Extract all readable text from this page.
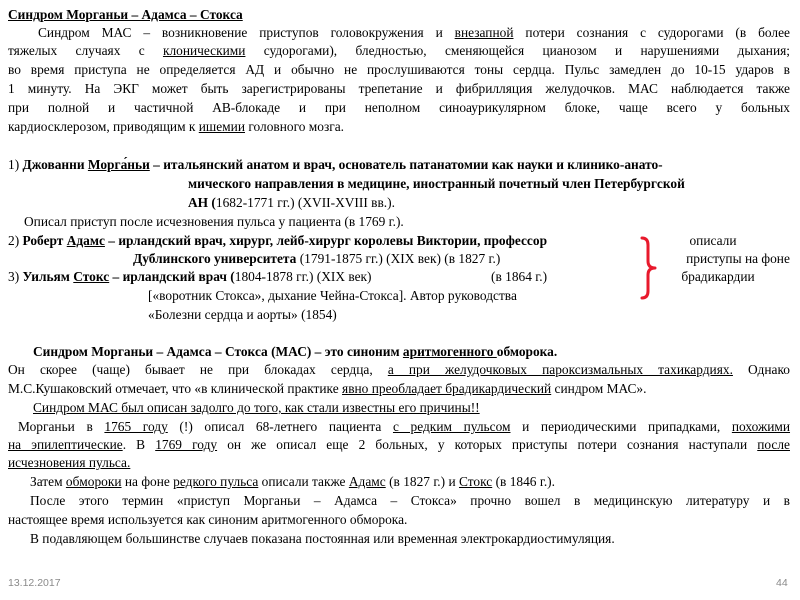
Синдром Морганьи – Адамса – Стокса
Синдром МАС – возникновение приступов головокружения и внезапной потери сознания с судорогами (в более
тяжелых случаях с клоническими судорогами), бледностью, сменяющейся цианозом и нарушениями дыхания;
во время приступа не определяется АД и обычно не прослушиваются тоны сердца. Пульс замедлен до 10-15 ударов в
1 минуту. На ЭКГ может быть зарегистрированы трепетание и фибрилляция желудочков. МАС наблюдается также
при полной и частичной АВ-блокаде и при неполном синоаурикулярном блоке, чаще всего у больных
кардиосклерозом, приводящим к ишемии головного мозга.
1) Джованни Морга́ньи – итальянский анатом и врач, основатель патанатомии как науки и клинико-анато-
мического направления в медицине, иностранный почетный член Петербургской
АН (1682-1771 гг.) (XVII-XVIII вв.).
Описал приступ после исчезновения пульса у пациента (в 1769 г.).
2) Роберт Адамс – ирландский врач, хирург, лейб-хирург королевы Виктории, профессор
Дублинского университета (1791-1875 гг.) (XIX век) (в 1827 г.)
3) Уильям Стокс – ирландский врач (1804-1878 гг.) (XIX век)	(в 1864 г.)
[«воротник Стокса», дыхание Чейна-Стокса]. Автор руководства
«Болезни сердца и аорты» (1854)
описали
приступы на фоне
брадикардии
Синдром Морганьи – Адамса – Стокса (МАС) – это синоним аритмогенного обморока.
Он скорее (чаще) бывает не при блокадах сердца, а при желудочковых пароксизмальных тахикардиях. Однако
М.С.Кушаковский отмечает, что «в клинической практике явно преобладает брадикардический синдром МАС».
Синдром МАС был описан задолго до того, как стали известны его причины!!
Морганьи в 1765 году (!) описал 68-летнего пациента с редким пульсом и периодическими припадками, похожими
на эпилептические. В 1769 году он же описал еще 2 больных, у которых приступы потери сознания наступали после
исчезновения пульса.
Затем обмороки на фоне редкого пульса описали также Адамс (в 1827 г.) и Стокс (в 1846 г.).
После этого термин «приступ Морганьи – Адамса – Стокса» прочно вошел в медицинскую литературу и в
настоящее время используется как синоним аритмогенного обморока.
В подавляющем большинстве случаев показана постоянная или временная электрокардиостимуляция.
13.12.2017	44
